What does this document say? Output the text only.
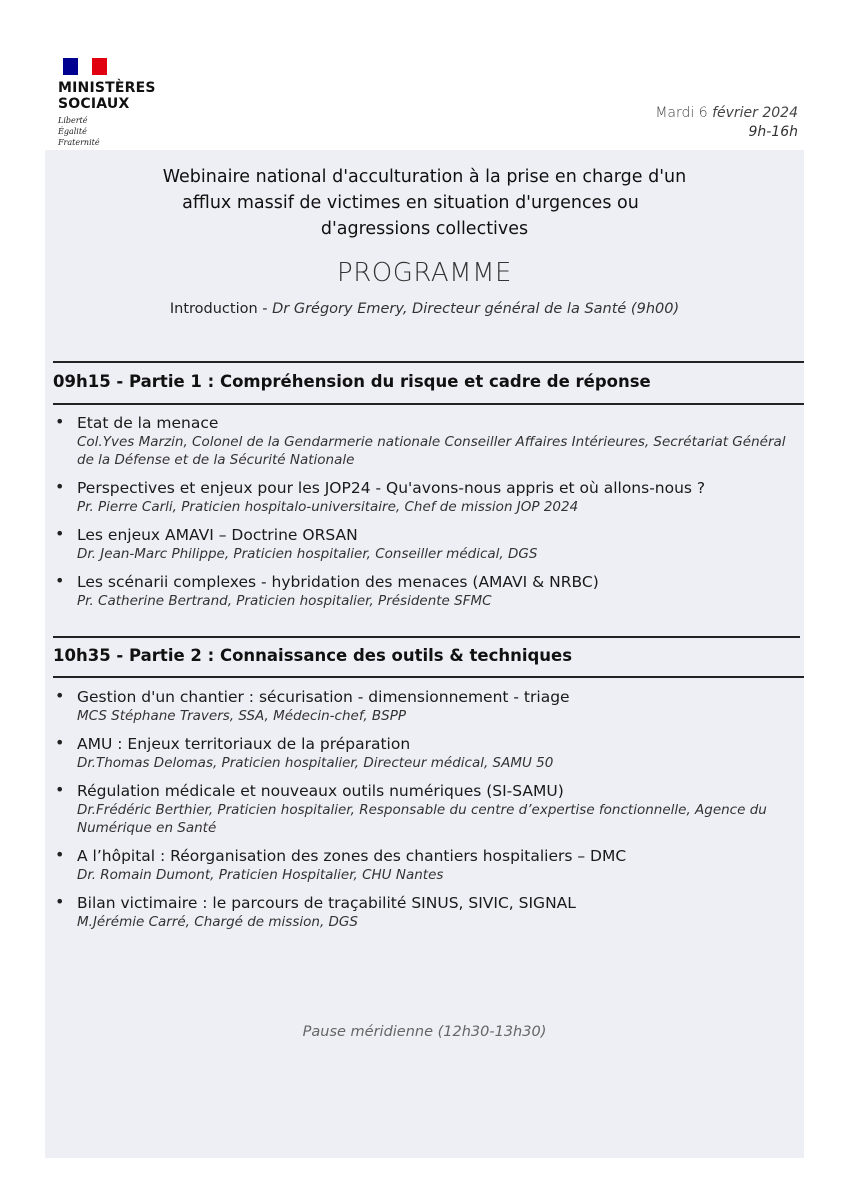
MINISTÈRES
SOCIAUX
Liberté
Égalité
Fraternité
Mardi 6 février 2024
9h-16h
Webinaire national d'acculturation à la prise en charge d'un
afflux massif de victimes en situation d'urgences ou
d'agressions collectives
PROGRAMME
Introduction - Dr Grégory Emery, Directeur général de la Santé (9h00)
09h15 - Partie 1 : Compréhension du risque et cadre de réponse
• Etat de la menace
Col.Yves Marzin, Colonel de la Gendarmerie nationale Conseiller Affaires Intérieures, Secrétariat Général de la Défense et de la Sécurité Nationale
• Perspectives et enjeux pour les JOP24 - Qu'avons-nous appris et où allons-nous ?
Pr. Pierre Carli, Praticien hospitalo-universitaire, Chef de mission JOP 2024
• Les enjeux AMAVI – Doctrine ORSAN
Dr. Jean-Marc Philippe, Praticien hospitalier, Conseiller médical, DGS
• Les scénarii complexes - hybridation des menaces (AMAVI & NRBC)
Pr. Catherine Bertrand, Praticien hospitalier, Présidente SFMC
10h35 - Partie 2 : Connaissance des outils & techniques
• Gestion d'un chantier : sécurisation - dimensionnement - triage
MCS Stéphane Travers, SSA, Médecin-chef, BSPP
• AMU : Enjeux territoriaux de la préparation
Dr.Thomas Delomas, Praticien hospitalier, Directeur médical, SAMU 50
• Régulation médicale et nouveaux outils numériques (SI-SAMU)
Dr.Frédéric Berthier, Praticien hospitalier, Responsable du centre d’expertise fonctionnelle, Agence du Numérique en Santé
• A l’hôpital : Réorganisation des zones des chantiers hospitaliers – DMC
Dr. Romain Dumont, Praticien Hospitalier, CHU Nantes
• Bilan victimaire : le parcours de traçabilité SINUS, SIVIC, SIGNAL
M.Jérémie Carré, Chargé de mission, DGS
Pause méridienne (12h30-13h30)
